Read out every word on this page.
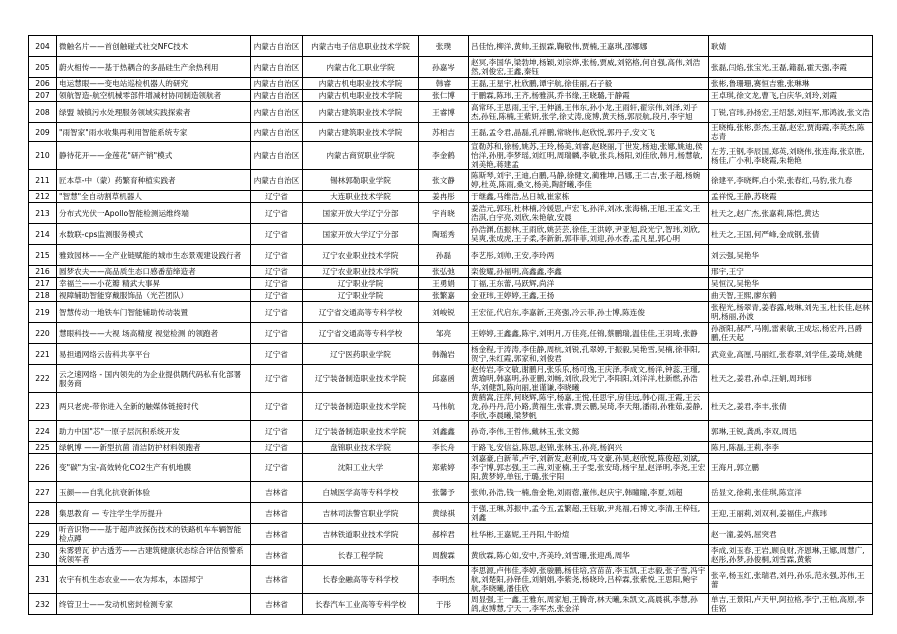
204	微触名片——首创触碰式社交NFC技术	内蒙古自治区	内蒙古电子信息职业技术学院	张璞	吕佳怡,柳洋,黄帅,王振霖,鞠敬伟,贾楠,王嘉琪,邵娜娜	耿婧
205	蔚火相传——基于热耦合的多晶硅生产余热利用	内蒙古自治区	内蒙古化工职业学院	孙嘉岑	赵冥,李国华,梁勃坤,杨颖,刘宗烨,张杨,贾威,刘铭格,何自强,高伟,刘浩然,刘俊宏,王鑫,秦钰	张磊,闫焰,张宝光,王磊,籍磊,霍天强,李霞
206	电运慧眼——变电站巡检机器人的研究	内蒙古自治区	内蒙古机电职业技术学院	韩睿	王磊,王星宇,杜欣鹏,谭宇航,徐佳丽,石子毅	张彬,鲁珊珊,赛恒吉雅,张琳琳
207	领航智造-航空机械零部件增减材协同制造领航者	内蒙古自治区	内蒙古机电职业技术学院	张仁博	于鹏霖,陈玮,王齐,杨雅淇,乔书缘,王晓璐,于静霞	王卓琪,徐文龙,曹飞,白庆华,刘玲,刘霞
208	绿盟 城镇污水处理服务领域实践探索者	内蒙古自治区	内蒙古建筑职业技术学院	王睿博	高常环,王思雨,王宇,王伸涵,王伟东,孙小龙,王雨轩,翟宗伟,刘泽,刘子杰,孙钰,陈楠,王紫妍,张学,徐丈涛,庞博,黄天杨,郭辰航,段月,李宇旭	丁锐,宫玮,孙扬宏,王绍瑟,刘钰军,邢鸿波,张文浩
209	"雨智家"雨水收集再利用智能系统专家	内蒙古自治区	内蒙古建筑职业技术学院	苏相吉	王磊,孟令君,晶磊,孔祥鹏,常晓伟,赵欣悦,郭丹子,安文飞	王晓梅,张彬,彭杰,王磊,赵宏,贾海霞,李英杰,陈志青
210	静待花开——金莲花"研产销"模式	内蒙古自治区	内蒙古商贸职业学院	李金鹤	宣勒苏和,徐杨,姚苏,王玲,杨美,刘睿,赵晓丽,丁世发,杨迪,张娜,姚迪,侯怡洋,孙朋,李梦瑶,刘红明,周瑞麟,李敏,张兵,杨阳,刘佳欣,韩月,杨慧敏,刘美艳,蒋建孟	左芳,王钢,李辰国,郑英,刘晓伟,张连海,张京胜,杨佳,广小利,李晓霞,朱艳艳
211	匠本草-中（蒙）药繁育种植实践者	内蒙古自治区	锡林郭勒职业学院	张文静	陈斯琴,刘宇,王迪,白鹏,马静,徐健文,蔺雅坤,吕娜,王二吉,张子超,杨婉婷,杜英,陈雨,桑文,杨美,陶舒曦,李佳	徐建平,李晓辉,白小荣,张春红,马豹,张九春
212	"智慧"全自动割草机器人	辽宁省	大连职业技术学院	姜冉彤	于继鑫,马维浩,丛日城,崔家栋	孟祥悦,王静,苏晓霞
213	分布式光伏一Apollo智能检测运维终端	辽宁省	国家开放大学辽宁分部	宇肖晓	姜浩元,郭珏,杜林楠,冷媛思,卢宏飞,孙洋,刘冰,张海楠,王旭,王孟文,王浩淇,白宇亮,刘欣,朱艳敏,安晨	杜天之,赵广杰,张嘉莉,陈恺,黄达
214	水数联-cps监测服务模式	辽宁省	国家开放大学辽宁分部	陶瑶秀	孙浩渊,伍振林,王雨欣,姚芸芸,徐佳,王洪婷,尹亚旭,段光宁,智玮,刘欣,吴爽,张成虎,王子柔,李新新,郭菲菲,刘迎,孙水香,孟凡星,郭心明	杜天之,王国,何严峰,金成钢,张倩
215	雅致园林——全产业链赋能的城市生态景观建设践行者	辽宁省	辽宁农业职业技术学院	孙磊	李艺彤,刘帅,王安,李玲两	刘云强,吴艳华
216	圆梦农夫——高品质生态口感番茄缔造者	辽宁省	辽宁农业职业技术学院	张弘弛	栾俊耀,孙福明,高鑫鑫,李鑫	邢宇,王宁
217	幸福兰——小花瓣 精武大事昇	辽宁省	辽宁职业学院	王勇娟	丁福,王东蕾,马跃辉,尚洋	吴恒汉,吴艳华
218	视障辅助智能穿戴服饰品（光芒团队）	辽宁省	辽宁职业学院	张繁嘉	金亚玮,王婷婷,王鑫,王扬	曲天智,王熙,廖东鹤
219	智慧传动一地铁车门智能辅助传动装置	辽宁省	辽宁省交通高等专科学校	刘峻锐	王宏征,代启东,李嘉新,王亮强,冷云菲,孙士博,陈连俊	张程光,杨翠青,姜春露,岐琳,刘先玉,杜长佳,赵林明,杨丽,孙波
220	慧眼科技——大视 场高精度 视觉检测 的领跑者	辽宁省	辽宁省交通高等专科学校	邹亮	王婷婷,王鑫鑫,陈宇,刘明月,万佳亮,任锦,蔡鹏瑞,温佳佳,王羽琦,张静	孙浙阳,郝严,马刚,雷素敏,王成坛,杨宏丹,吕爵鹏,任天起
221	易担通网络云齿科共享平台	辽宁省	辽宁医药职业学院	韩瀚岩	杨金程,于涛涛,李佳静,周杭,刘锐,孔翠婷,于振毅,吴艳雪,吴楠,徐菲阳,贺宁,朱红霞,郭家和,刘俊君	武竞业,高厘,马丽红,张春翠,刘学佳,姜琦,姚健
222	云之速网络 - 国内领先的为企业提供隅代码私有化部署服务商	辽宁省	辽宁装备制造职业技术学院	邱嘉函	赵传岩,李文敏,谢鹏月,张乐乐,杨可逸,王庆泽,李成文,杨洋,钟蕊,王瑾,黄瑜明,韩嘉明,孙亚鹏,刘畅,刘欣,段光宁,李阳阳,刘洋洋,杜新燃,孙浩华,刘健凯,陈向丽,崔谨谦,李晓曦	杜天之,姜君,孙卓,汪娟,周玮玮
223	两只老虎-带你进入全新的触媒体链接时代	辽宁省	辽宁装备制造职业技术学院	马伟航	黄鹤嵩,汪萍,何晓辉,陈宇,杨嘉,王悦,任思宇,房佳远,韩心雨,王霞,王云龙,孙丹丹,范小路,黄福生,张睿,贾云鹏,吴琦,李天翔,潘雨,孙雅茹,姜静,李欣,李晨曦,梁梦帆	杜天之,姜君,李丰,张倩
224	助力中国"芯"一原子层沉积系统开发	辽宁省	辽宁装备制造职业技术学院	刘鑫鑫	孙奇,李伟,王哲伟,戴林玉,张文懿	郭琳,王锐,龚禹,李双,周迅
225	绿帆博 ——新型抗菌 清洁防护材料领跑者	辽宁省	盘锦职业技术学院	李长舟	于路飞,安信益,陈思,赵锦,张林玉,孙亮,杨润兴	陈月,陈磊,王莉,李李
226	变"碳"为宝-高效转化CO2生产有机地膜	辽宁省	沈阳工业大学	郑紫婷	刘嘉豪,白新苇,卢宇,刘新发,赵利成,马文豪,孙昊,赵欣悦,陈俊超,刘斌,李宁博,郭志强,王二茜,刘亚楠,王子雯,张安琦,杨宇星,赵泽明,李尧,王宏阳,黄梦婷,单钰,于璐,张宇阳	王海月,郭立鹏
227	玉颜——自乳化抗衰新体验	吉林省	白城医学高等专科学校	张馨予	张帅,孙浩,钱一楠,詹金艳,刘雨蓿,董伟,赵庆宇,韩瞳瞳,李夏,刘超	岳显文,徐莉,张佳琪,陈宣洋
228	集思教育 — 专注学生学历提升	吉林省	吉林司法警官职业学院	黄绿祺	于强,王琳,苏振中,孟今五,孟繁超,王钰敏,尹兆福,石博文,李清,王梓钰,刘鑫	王迎,王丽莉,刘双利,姜福佳,卢燕玮
229	听音识物——基于超声波探伤技术的铁路机车车辆智能检点蹲	吉林省	吉林铁道职业技术学院	郝梓君	杜华彬,王嘉妮,王丹阳,牛盼煊	赵一潼,姜妈,屈突君
230	朱雾碧瓦 护古透芳——古建筑健康状态综合评估预警系统领军者	吉林省	长春工程学院	周馥霖	黄欣霖,陈心如,安中,齐美玲,刘雪珊,张迎禹,周华	李成,刘玉春,王岩,顾良财,齐恩琳,王娜,周慧广,赵彤,孙梦,孙俊桐,刘雪霖,黄紫
231	农宇有机生态农业——农为邦本，本固邦宁	吉林省	长春金融高等专科学校	李明杰	李思源,卢伟佳,李婷,张骏鹏,杨佳培,宫苗苗,李玉凯,王志毅,张子雪,冯宇航,刘楚阳,孙铎佳,刘娟娟,李紫尧,杨晓玲,吕梓霖,张紫悦,王思阳,鲍宇航,李晓曦,潘佳欣	张辛,杨玉红,张瑞君,刘丹,孙乐,范永强,苏伟,王蕾
232	终管卫士——发动机密封检测专家	吉林省	长春汽车工业高等专科学校	于彤	周显强,王一鑫,王雅东,周家旭,王腾奇,林天曦,朱凯文,高晨祺,李慧,孙鸽,赵博慧,宁天一,李军杰,张金洋	单吉,王景阳,卢天甲,阿拉格,李宁,王柏,高原,李佳铭
